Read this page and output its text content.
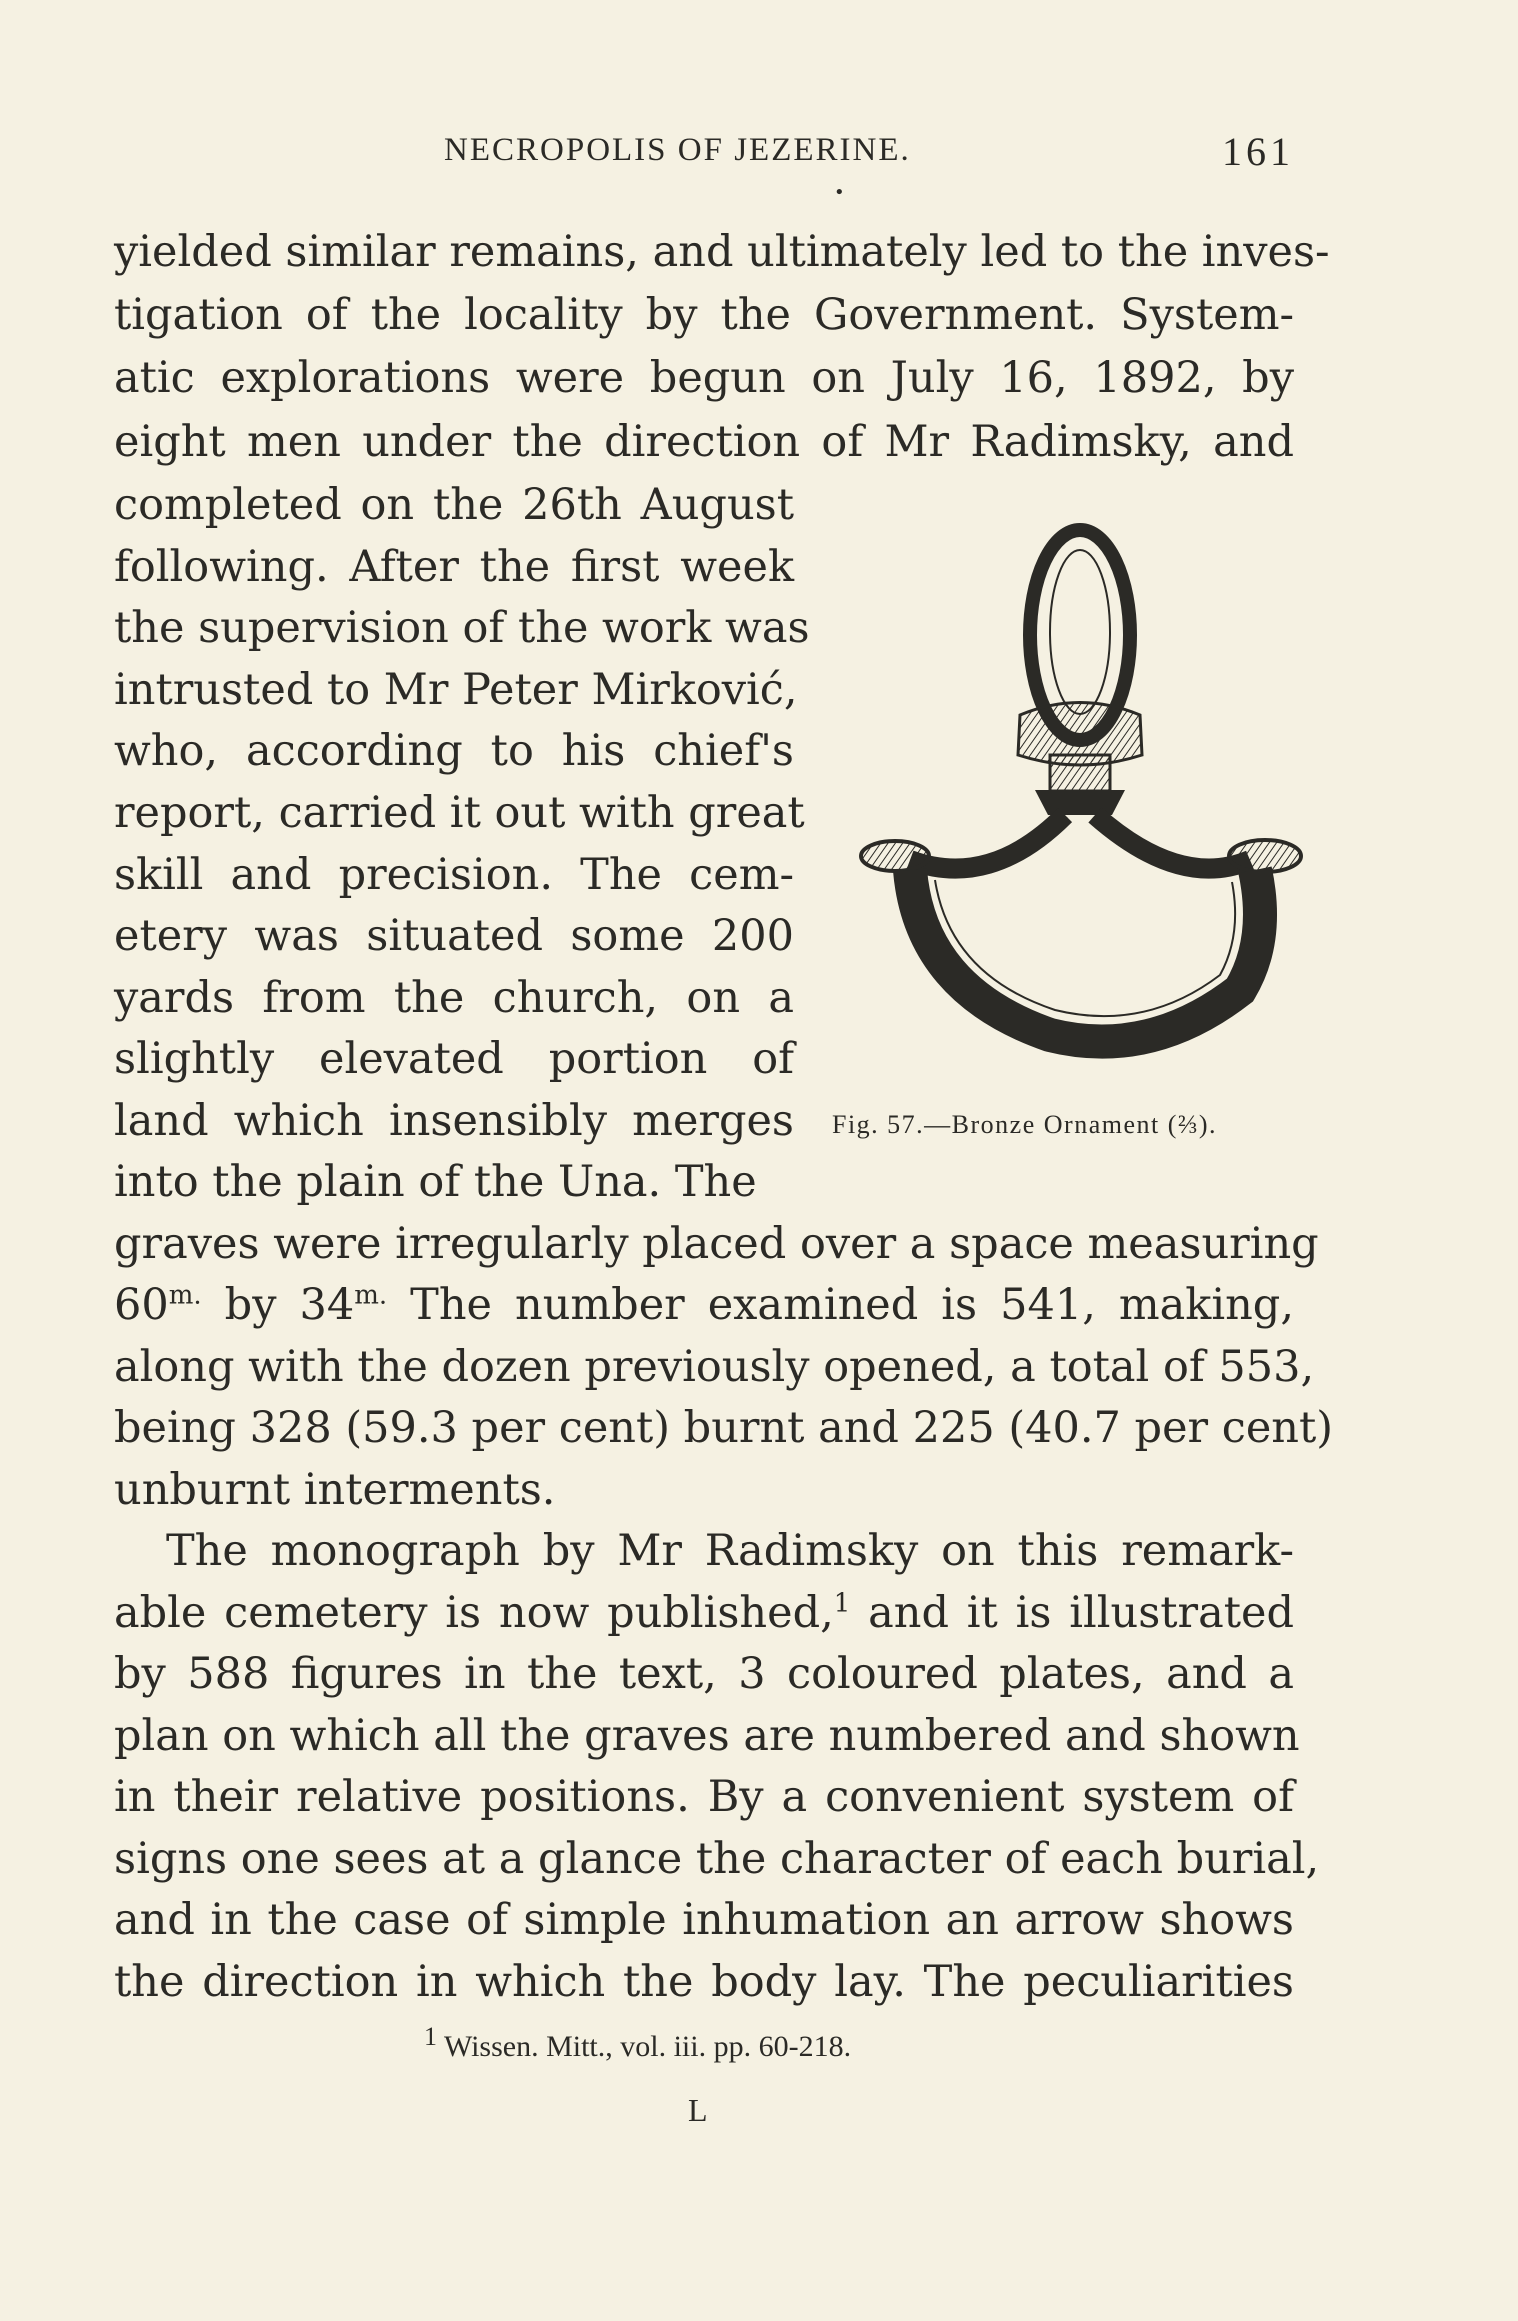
NECROPOLIS OF JEZERINE.	161
•
yielded similar remains, and ultimately led to the inves-
tigation of the locality by the Government. System-
atic explorations were begun on July 16, 1892, by
eight men under the direction of Mr Radimsky, and
completed on the 26th August
following. After the first week
the supervision of the work was
intrusted to Mr Peter Mirković,
who, according to his chief's
report, carried it out with great
skill and precision. The cem-
etery was situated some 200
yards from the church, on a
slightly elevated portion of
land which insensibly merges
into the plain of the Una. The
graves were irregularly placed over a space measuring
$60^{m.}$ by $34^{m.}$ The number examined is 541, making,
along with the dozen previously opened, a total of 553,
being 328 (59.3 per cent) burnt and 225 (40.7 per cent)
unburnt interments.
The monograph by Mr Radimsky on this remark-
able cemetery is now published,$^1$ and it is illustrated
by 588 figures in the text, 3 coloured plates, and a
plan on which all the graves are numbered and shown
in their relative positions. By a convenient system of
signs one sees at a glance the character of each burial,
and in the case of simple inhumation an arrow shows
the direction in which the body lay. The peculiarities
Fig. 57.—Bronze Ornament (⅔).
$^1$ Wissen. Mitt., vol. iii. pp. 60-218.
L
